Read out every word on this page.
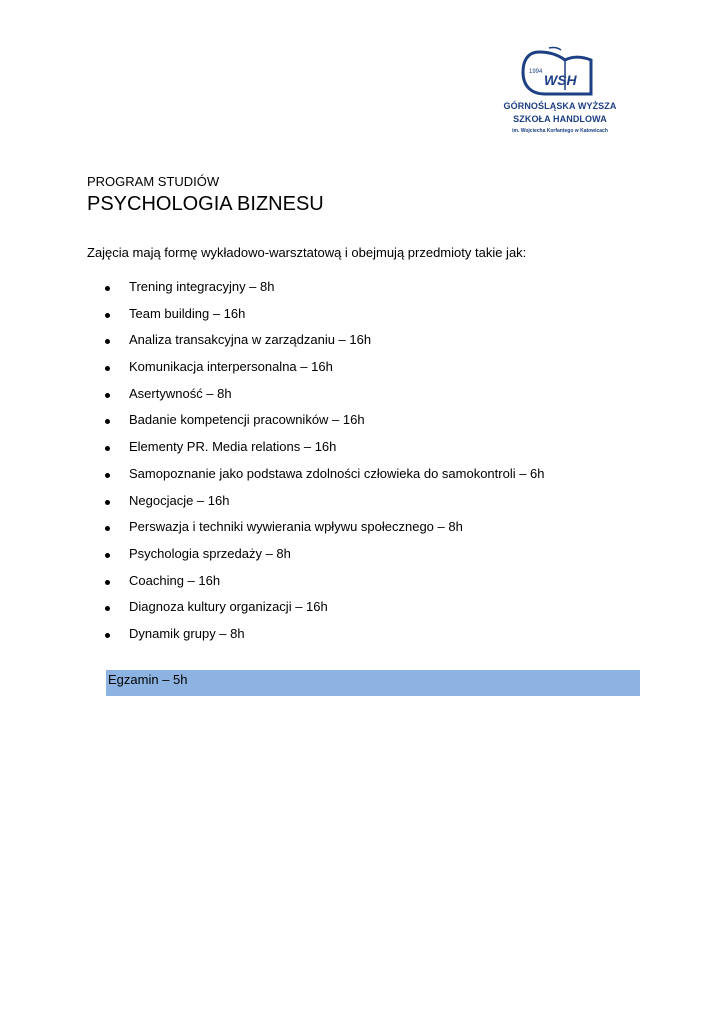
1994 WSH
GÓRNOŚLĄSKA WYŻSZA
SZKOŁA HANDLOWA
im. Wojciecha Korfantego w Katowicach
PROGRAM STUDIÓW
PSYCHOLOGIA BIZNESU
Zajęcia mają formę wykładowo-warsztatową i obejmują przedmioty takie jak:
Trening integracyjny – 8h
Team building – 16h
Analiza transakcyjna w zarządzaniu – 16h
Komunikacja interpersonalna – 16h
Asertywność – 8h
Badanie kompetencji pracowników – 16h
Elementy PR. Media relations – 16h
Samopoznanie jako podstawa zdolności człowieka do samokontroli – 6h
Negocjacje – 16h
Perswazja i techniki wywierania wpływu społecznego – 8h
Psychologia sprzedaży – 8h
Coaching – 16h
Diagnoza kultury organizacji – 16h
Dynamik grupy – 8h
Egzamin – 5h
